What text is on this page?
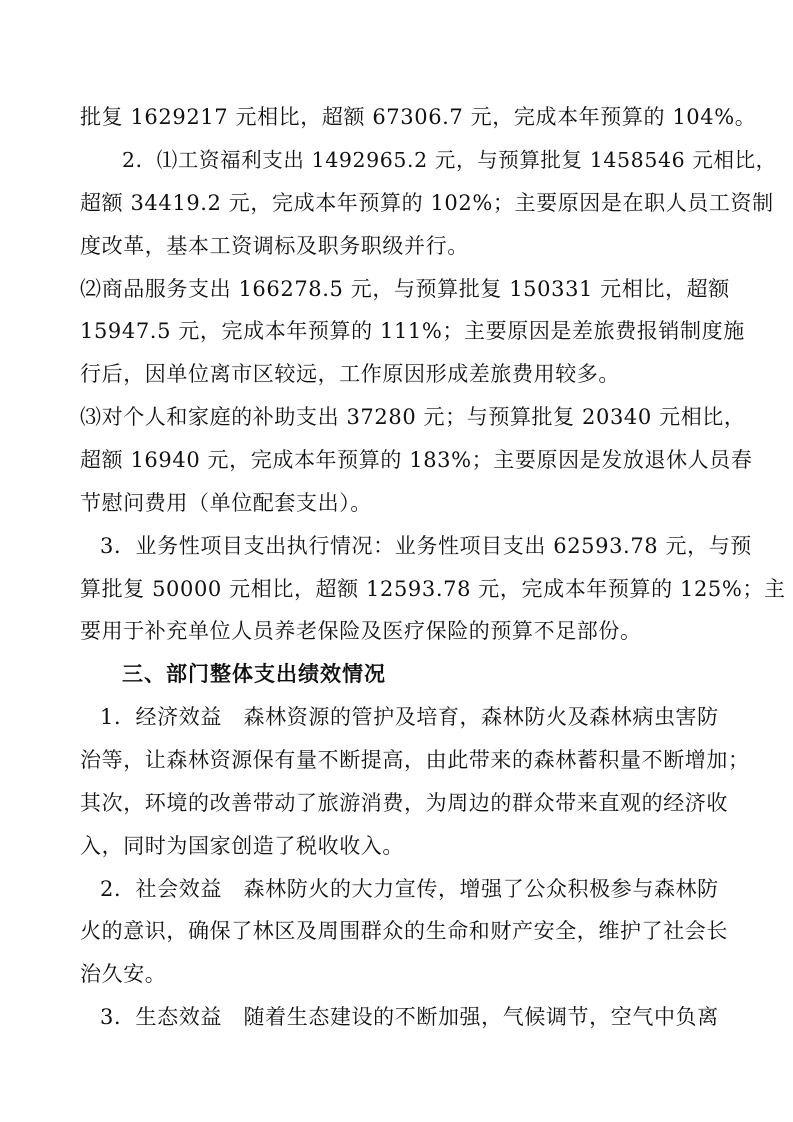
批复 1629217 元相比，超额 67306.7 元，完成本年预算的 104%。
2．⑴工资福利支出 1492965.2 元，与预算批复 1458546 元相比，
超额 34419.2 元，完成本年预算的 102%；主要原因是在职人员工资制
度改革，基本工资调标及职务职级并行。
⑵商品服务支出 166278.5 元，与预算批复 150331 元相比，超额
15947.5 元，完成本年预算的 111%；主要原因是差旅费报销制度施
行后，因单位离市区较远，工作原因形成差旅费用较多。
⑶对个人和家庭的补助支出 37280 元；与预算批复 20340 元相比，
超额 16940 元，完成本年预算的 183%；主要原因是发放退休人员春
节慰问费用（单位配套支出）。
3．业务性项目支出执行情况：业务性项目支出 62593.78 元，与预
算批复 50000 元相比，超额 12593.78 元，完成本年预算的 125%；主
要用于补充单位人员养老保险及医疗保险的预算不足部份。
三、部门整体支出绩效情况
1．经济效益　森林资源的管护及培育，森林防火及森林病虫害防
治等，让森林资源保有量不断提高，由此带来的森林蓄积量不断增加；
其次，环境的改善带动了旅游消费，为周边的群众带来直观的经济收
入，同时为国家创造了税收收入。
2．社会效益　森林防火的大力宣传，增强了公众积极参与森林防
火的意识，确保了林区及周围群众的生命和财产安全，维护了社会长
治久安。
3．生态效益　随着生态建设的不断加强，气候调节，空气中负离
